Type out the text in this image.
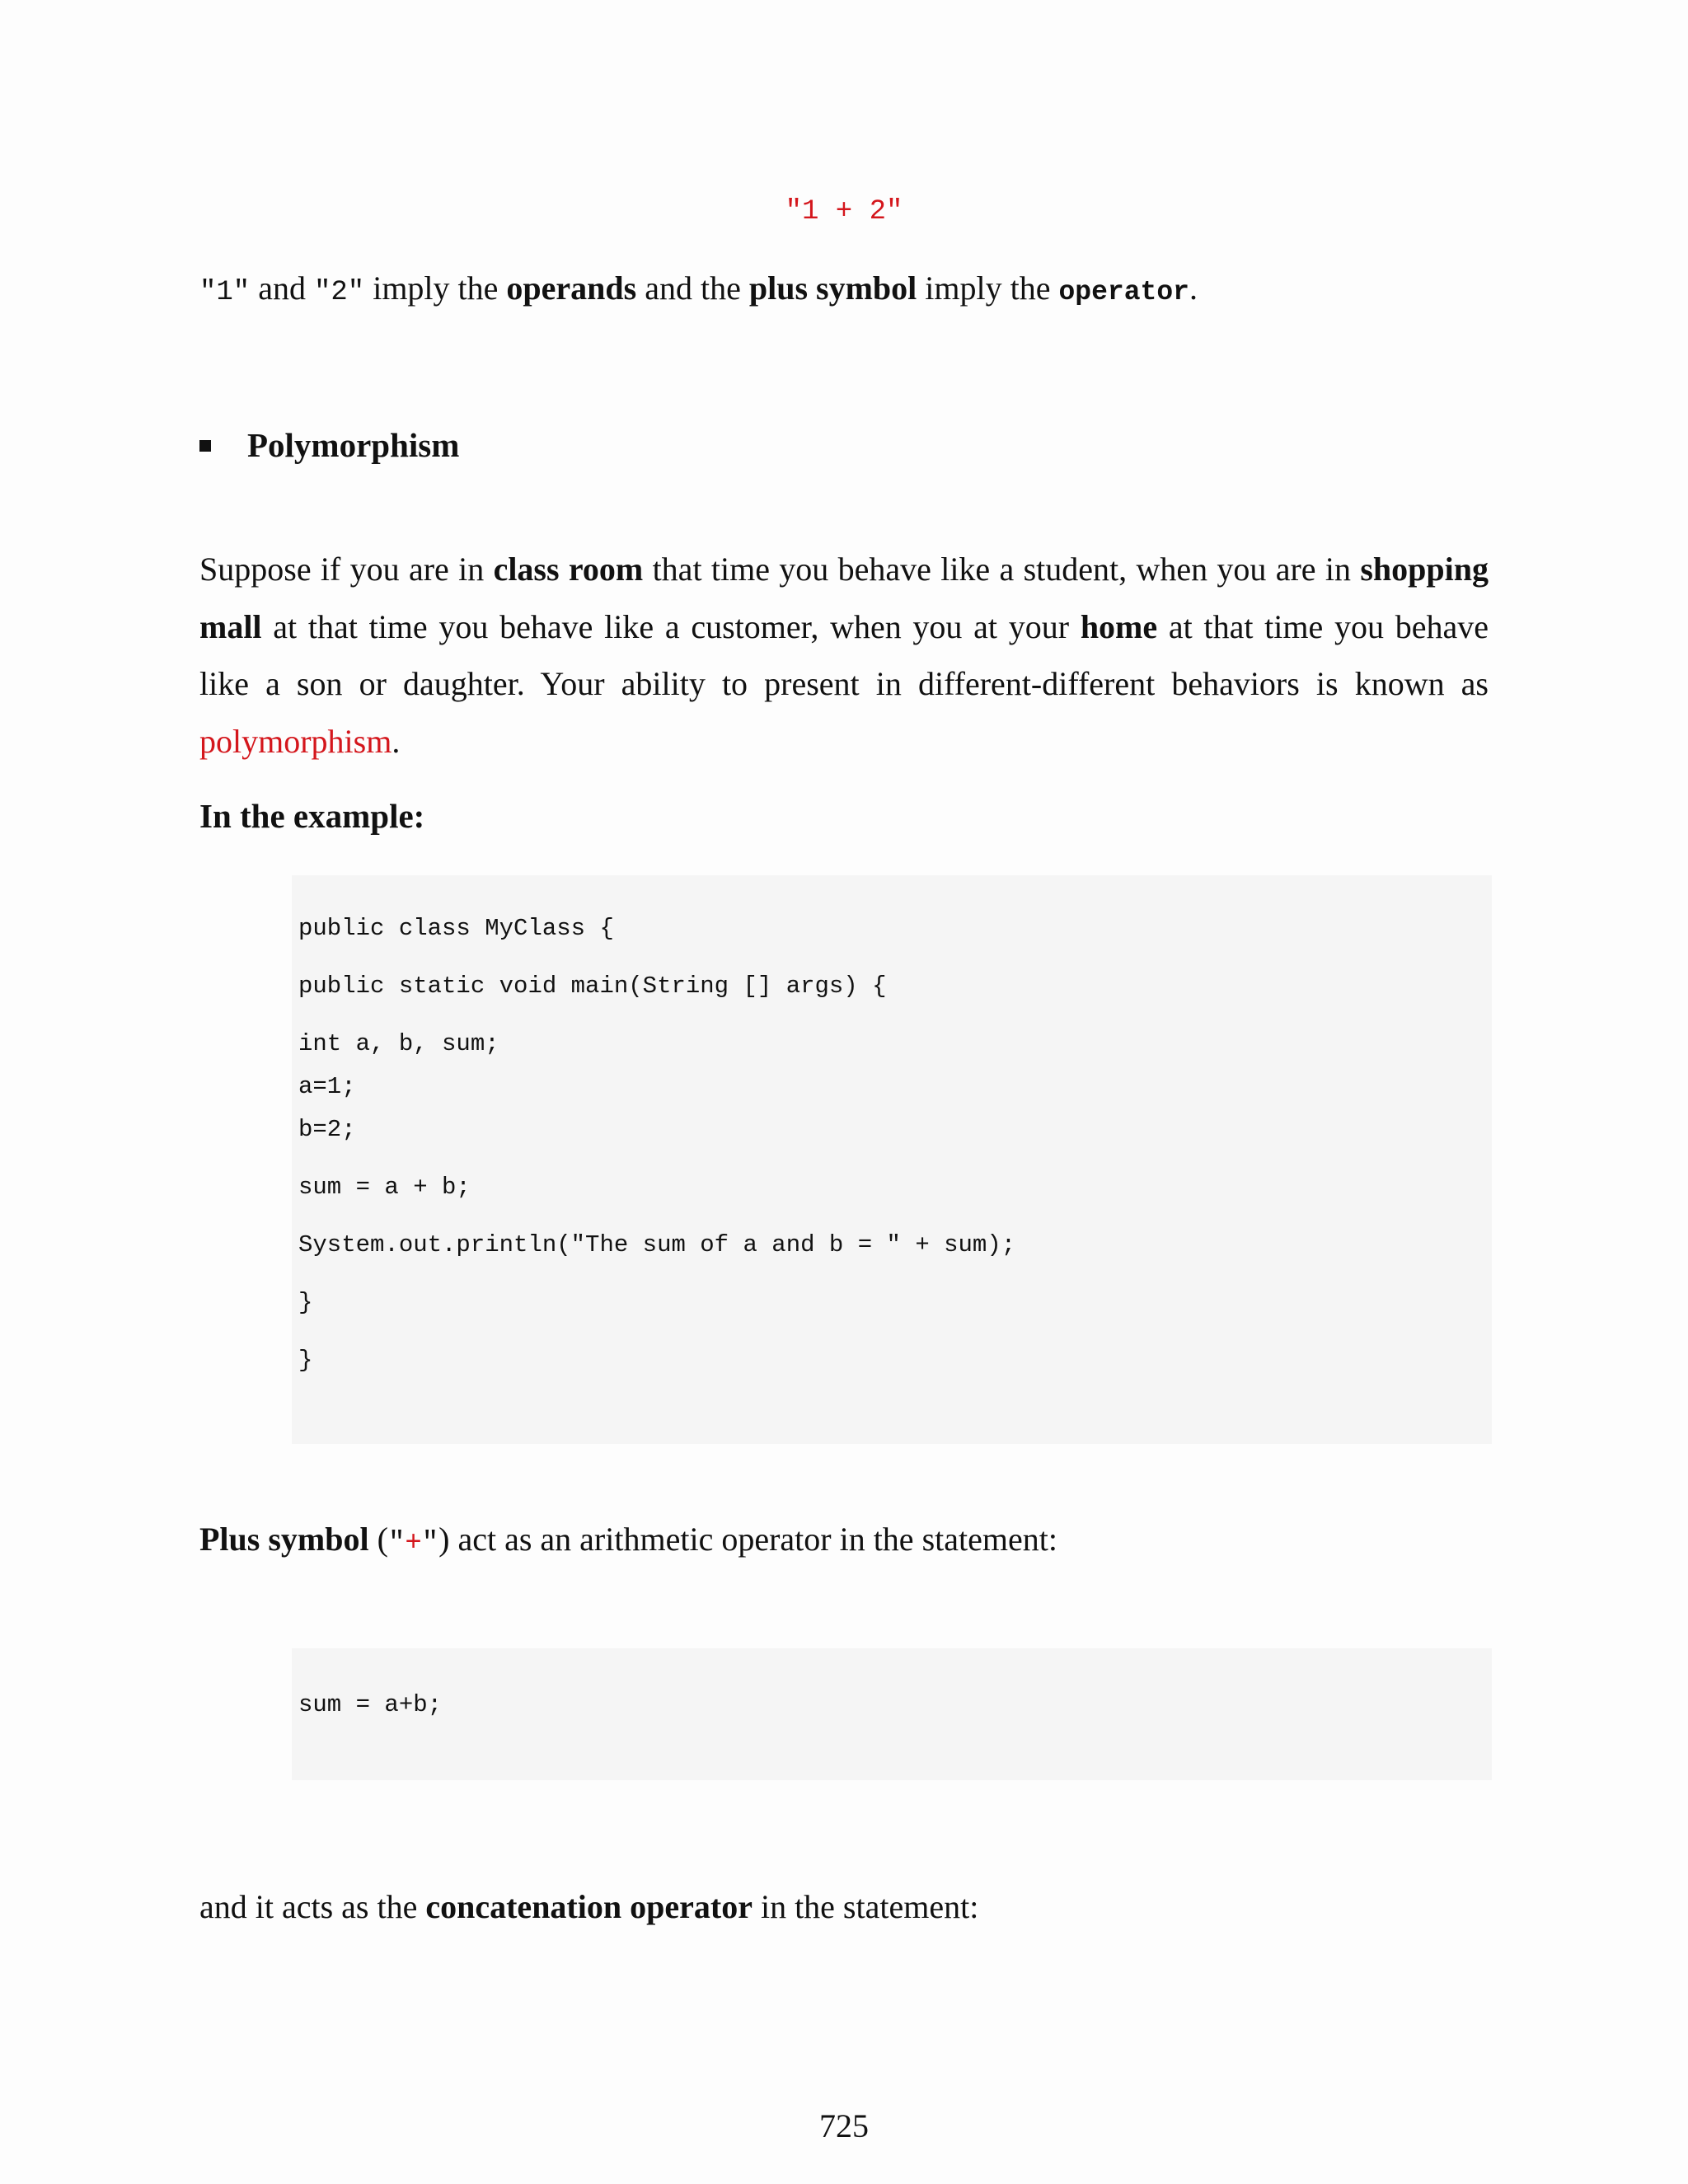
"1 + 2"
"1" and "2" imply the operands and the plus symbol imply the operator.
Polymorphism
Suppose if you are in class room that time you behave like a student, when you are in shopping mall at that time you behave like a customer, when you at your home at that time you behave like a son or daughter. Your ability to present in different-different behaviors is known as polymorphism.
In the example:
public class MyClass {
public static void main(String [] args) {
int a, b, sum;
a=1;
b=2;
sum = a + b;
System.out.println("The sum of a and b = " + sum);
}
}
Plus symbol ("+") act as an arithmetic operator in the statement:
sum = a+b;
and it acts as the concatenation operator in the statement:
725
